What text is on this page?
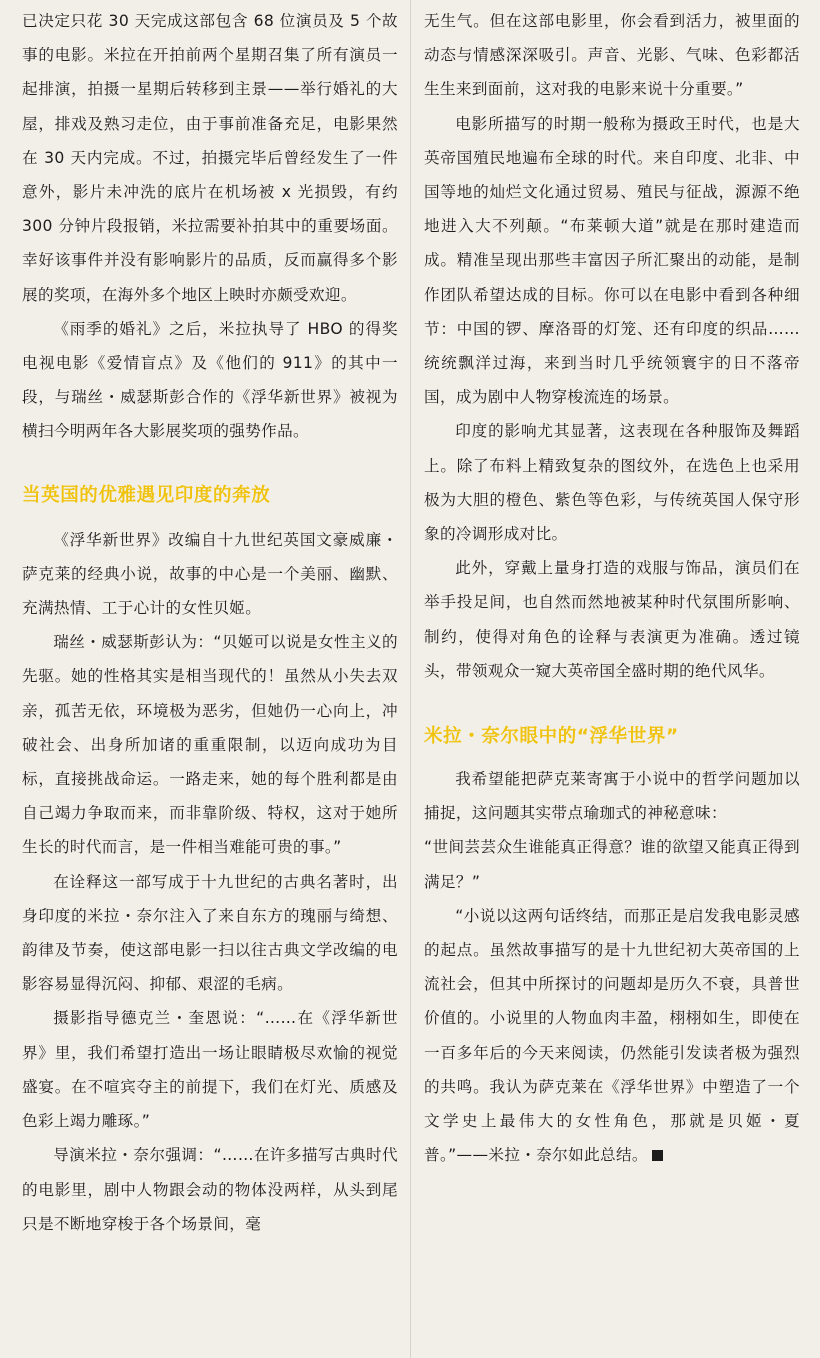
已决定只花 30 天完成这部包含 68 位演员及 5 个故事的电影。米拉在开拍前两个星期召集了所有演员一起排演，拍摄一星期后转移到主景——举行婚礼的大屋，排戏及熟习走位，由于事前准备充足，电影果然在 30 天内完成。不过，拍摄完毕后曾经发生了一件意外，影片未冲洗的底片在机场被 x 光损毁，有约 300 分钟片段报销，米拉需要补拍其中的重要场面。幸好该事件并没有影响影片的品质，反而赢得多个影展的奖项，在海外多个地区上映时亦颇受欢迎。

《雨季的婚礼》之后，米拉执导了 HBO 的得奖电视电影《爱情盲点》及《他们的 911》的其中一段，与瑞丝・威瑟斯彭合作的《浮华新世界》被视为横扫今明两年各大影展奖项的强势作品。

当英国的优雅遇见印度的奔放

《浮华新世界》改编自十九世纪英国文豪威廉・萨克莱的经典小说，故事的中心是一个美丽、幽默、充满热情、工于心计的女性贝姬。

瑞丝・威瑟斯彭认为：“贝姬可以说是女性主义的先驱。她的性格其实是相当现代的！虽然从小失去双亲，孤苦无依，环境极为恶劣，但她仍一心向上，冲破社会、出身所加诸的重重限制，以迈向成功为目标，直接挑战命运。一路走来，她的每个胜利都是由自己竭力争取而来，而非靠阶级、特权，这对于她所生长的时代而言，是一件相当难能可贵的事。”

在诠释这一部写成于十九世纪的古典名著时，出身印度的米拉・奈尔注入了来自东方的瑰丽与绮想、韵律及节奏，使这部电影一扫以往古典文学改编的电影容易显得沉闷、抑郁、艰涩的毛病。

摄影指导德克兰・奎恩说：“……在《浮华新世界》里，我们希望打造出一场让眼睛极尽欢愉的视觉盛宴。在不喧宾夺主的前提下，我们在灯光、质感及色彩上竭力雕琢。”

导演米拉・奈尔强调：“……在许多描写古典时代的电影里，剧中人物跟会动的物体没两样，从头到尾只是不断地穿梭于各个场景间，毫

无生气。但在这部电影里，你会看到活力，被里面的动态与情感深深吸引。声音、光影、气味、色彩都活生生来到面前，这对我的电影来说十分重要。”

电影所描写的时期一般称为摄政王时代，也是大英帝国殖民地遍布全球的时代。来自印度、北非、中国等地的灿烂文化通过贸易、殖民与征战，源源不绝地进入大不列颠。“布莱顿大道”就是在那时建造而成。精准呈现出那些丰富因子所汇聚出的动能，是制作团队希望达成的目标。你可以在电影中看到各种细节：中国的锣、摩洛哥的灯笼、还有印度的织品……统统飘洋过海，来到当时几乎统领寰宇的日不落帝国，成为剧中人物穿梭流连的场景。

印度的影响尤其显著，这表现在各种服饰及舞蹈上。除了布料上精致复杂的图纹外，在选色上也采用极为大胆的橙色、紫色等色彩，与传统英国人保守形象的冷调形成对比。

此外，穿戴上量身打造的戏服与饰品，演员们在举手投足间，也自然而然地被某种时代氛围所影响、制约，使得对角色的诠释与表演更为准确。透过镜头，带领观众一窥大英帝国全盛时期的绝代风华。

米拉・奈尔眼中的“浮华世界”

我希望能把萨克莱寄寓于小说中的哲学问题加以捕捉，这问题其实带点瑜珈式的神秘意味：

“世间芸芸众生谁能真正得意？谁的欲望又能真正得到满足？”

“小说以这两句话终结，而那正是启发我电影灵感的起点。虽然故事描写的是十九世纪初大英帝国的上流社会，但其中所探讨的问题却是历久不衰，具普世价值的。小说里的人物血肉丰盈，栩栩如生，即使在一百多年后的今天来阅读，仍然能引发读者极为强烈的共鸣。我认为萨克莱在《浮华世界》中塑造了一个文学史上最伟大的女性角色，那就是贝姬・夏普。”——米拉・奈尔如此总结。
